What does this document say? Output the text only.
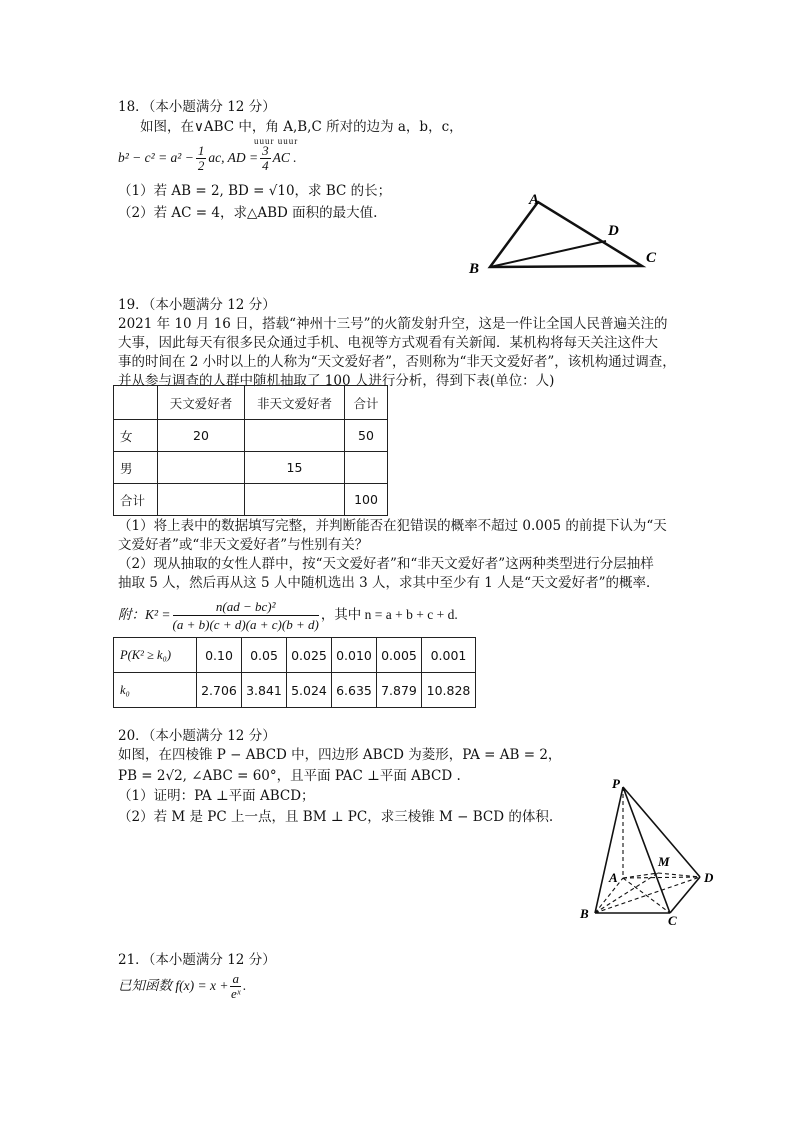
18．（本小题满分 12 分）
如图，在∨ABC 中，角 A,B,C 所对的边为 a，b，c，
uuur uuur
$b^2 - c^2 = a^2 - \frac{1}{2}$ ac, AD = $\frac{3}{4}$ AC .
（1）若 AB = 2, BD = √10，求 BC 的长；
（2）若 AC = 4，求△ABD 面积的最大值.
A
B
C
D
19．（本小题满分 12 分）
2021 年 10 月 16 日，搭载“神州十三号”的火箭发射升空，这是一件让全国人民普遍关注的
大事，因此每天有很多民众通过手机、电视等方式观看有关新闻．某机构将每天关注这件大
事的时间在 2 小时以上的人称为“天文爱好者”，否则称为“非天文爱好者”，该机构通过调查，
并从参与调查的人群中随机抽取了 100 人进行分析，得到下表(单位：人)
	天文爱好者	非天文爱好者	合计
女	20		50
男		15	
合计			100
（1）将上表中的数据填写完整，并判断能否在犯错误的概率不超过 0.005 的前提下认为“天
文爱好者”或“非天文爱好者”与性别有关？
（2）现从抽取的女性人群中，按“天文爱好者”和“非天文爱好者”这两种类型进行分层抽样
抽取 5 人，然后再从这 5 人中随机选出 3 人，求其中至少有 1 人是“天文爱好者”的概率．
附：$K^2 = \frac{\text{n(ad − bc)²}}{(a + b)(c + d)(a + c)(b + d)}$ ，其中 n = a + b + c + d.
P(K² ≥ k₀)	0.10	0.05	0.025	0.010	0.005	0.001
k₀	2.706	3.841	5.024	6.635	7.879	10.828
20．（本小题满分 12 分）
如图，在四棱锥 P − ABCD 中，四边形 ABCD 为菱形，PA = AB = 2，
PB = 2√2, ∠ABC = 60°，且平面 PAC ⊥平面 ABCD .
（1）证明：PA ⊥平面 ABCD；
（2）若 M 是 PC 上一点，且 BM ⊥ PC，求三棱锥 M − BCD 的体积.
P
A
B	C
D
M
21．（本小题满分 12 分）
已知函数 $f(x) = x + \frac{a}{\text{eˣ}}$ .
